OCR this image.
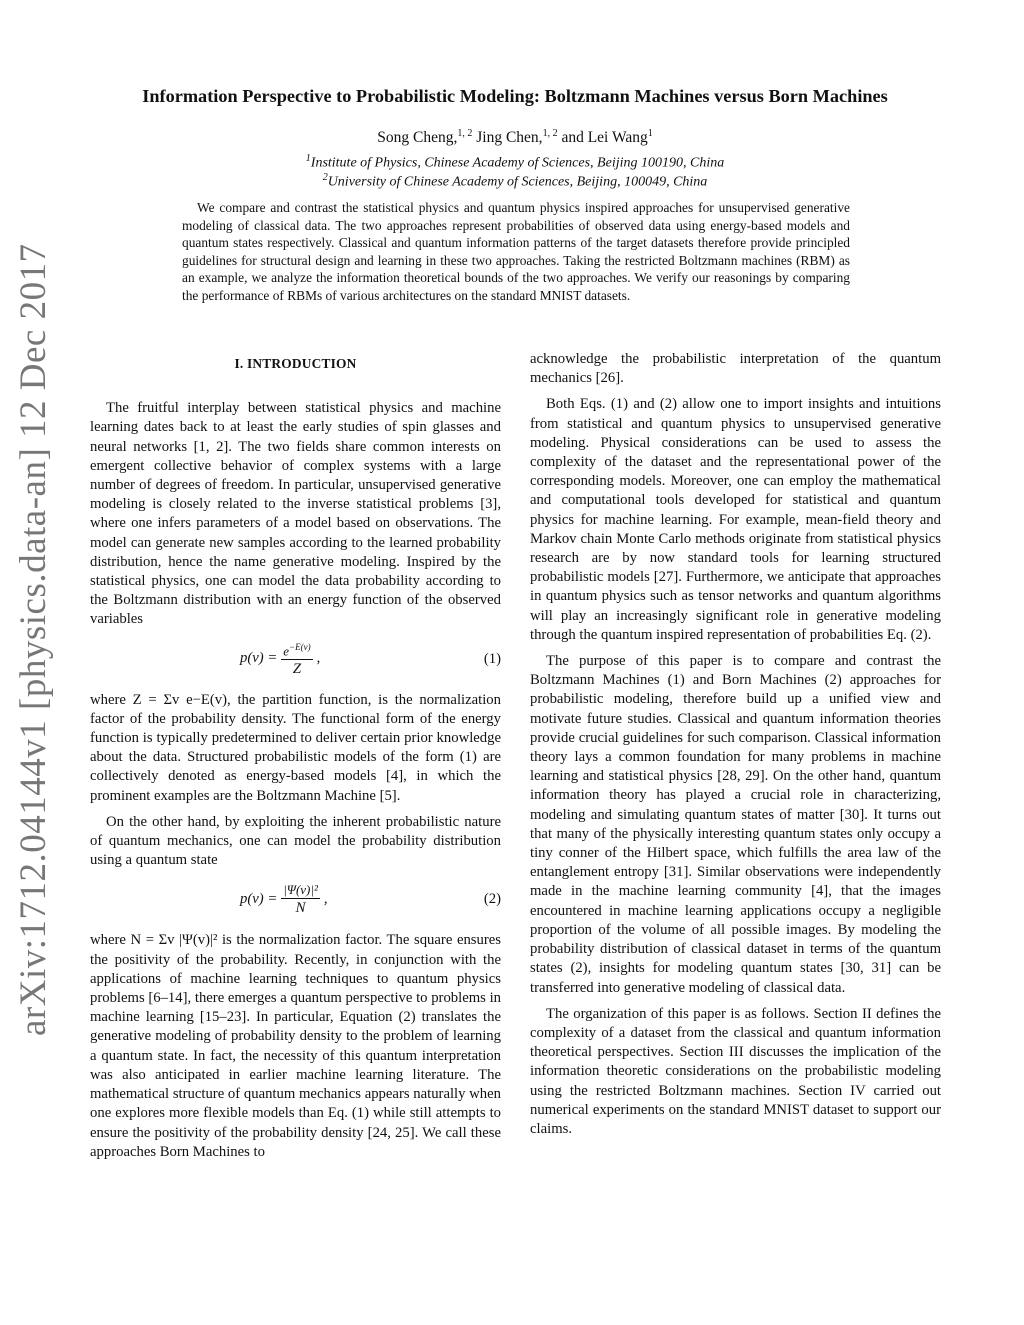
arXiv:1712.04144v1 [physics.data-an] 12 Dec 2017
Information Perspective to Probabilistic Modeling: Boltzmann Machines versus Born Machines
Song Cheng,$^{1, 2}$ Jing Chen,$^{1, 2}$ and Lei Wang$^1$
$^1$Institute of Physics, Chinese Academy of Sciences, Beijing 100190, China
$^2$University of Chinese Academy of Sciences, Beijing, 100049, China
We compare and contrast the statistical physics and quantum physics inspired approaches for unsupervised generative modeling of classical data. The two approaches represent probabilities of observed data using energy-based models and quantum states respectively. Classical and quantum information patterns of the target datasets therefore provide principled guidelines for structural design and learning in these two approaches. Taking the restricted Boltzmann machines (RBM) as an example, we analyze the information theoretical bounds of the two approaches. We verify our reasonings by comparing the performance of RBMs of various architectures on the standard MNIST datasets.
I. INTRODUCTION

The fruitful interplay between statistical physics and machine learning dates back to at least the early studies of spin glasses and neural networks [1, 2]. The two fields share common interests on emergent collective behavior of complex systems with a large number of degrees of freedom. In particular, unsupervised generative modeling is closely related to the inverse statistical problems [3], where one infers parameters of a model based on observations. The model can generate new samples according to the learned probability distribution, hence the name generative modeling. Inspired by the statistical physics, one can model the data probability according to the Boltzmann distribution with an energy function of the observed variables

$p(v) = \frac{e^{-E(v)}}{Z}$ ,	(1)

where Z = Σv e−E(v), the partition function, is the normalization factor of the probability density. The functional form of the energy function is typically predetermined to deliver certain prior knowledge about the data. Structured probabilistic models of the form (1) are collectively denoted as energy-based models [4], in which the prominent examples are the Boltzmann Machine [5].

On the other hand, by exploiting the inherent probabilistic nature of quantum mechanics, one can model the probability distribution using a quantum state

$p(v) = \frac{\text{|Ψ(v)|²}}{N}$ ,	(2)

where N = Σv |Ψ(v)|² is the normalization factor. The square ensures the positivity of the probability. Recently, in conjunction with the applications of machine learning techniques to quantum physics problems [6–14], there emerges a quantum perspective to problems in machine learning [15–23]. In particular, Equation (2) translates the generative modeling of probability density to the problem of learning a quantum state. In fact, the necessity of this quantum interpretation was also anticipated in earlier machine learning literature. The mathematical structure of quantum mechanics appears naturally when one explores more flexible models than Eq. (1) while still attempts to ensure the positivity of the probability density [24, 25]. We call these approaches Born Machines to

acknowledge the probabilistic interpretation of the quantum mechanics [26].

Both Eqs. (1) and (2) allow one to import insights and intuitions from statistical and quantum physics to unsupervised generative modeling. Physical considerations can be used to assess the complexity of the dataset and the representational power of the corresponding models. Moreover, one can employ the mathematical and computational tools developed for statistical and quantum physics for machine learning. For example, mean-field theory and Markov chain Monte Carlo methods originate from statistical physics research are by now standard tools for learning structured probabilistic models [27]. Furthermore, we anticipate that approaches in quantum physics such as tensor networks and quantum algorithms will play an increasingly significant role in generative modeling through the quantum inspired representation of probabilities Eq. (2).

The purpose of this paper is to compare and contrast the Boltzmann Machines (1) and Born Machines (2) approaches for probabilistic modeling, therefore build up a unified view and motivate future studies. Classical and quantum information theories provide crucial guidelines for such comparison. Classical information theory lays a common foundation for many problems in machine learning and statistical physics [28, 29]. On the other hand, quantum information theory has played a crucial role in characterizing, modeling and simulating quantum states of matter [30]. It turns out that many of the physically interesting quantum states only occupy a tiny conner of the Hilbert space, which fulfills the area law of the entanglement entropy [31]. Similar observations were independently made in the machine learning community [4], that the images encountered in machine learning applications occupy a negligible proportion of the volume of all possible images. By modeling the probability distribution of classical dataset in terms of the quantum states (2), insights for modeling quantum states [30, 31] can be transferred into generative modeling of classical data.

The organization of this paper is as follows. Section II defines the complexity of a dataset from the classical and quantum information theoretical perspectives. Section III discusses the implication of the information theoretic considerations on the probabilistic modeling using the restricted Boltzmann machines. Section IV carried out numerical experiments on the standard MNIST dataset to support our claims.
